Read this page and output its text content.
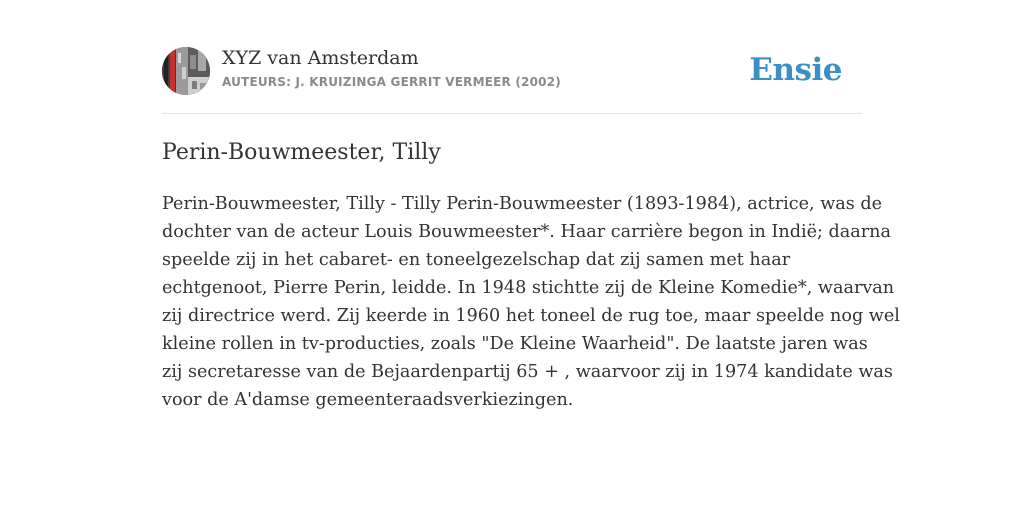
XYZ van Amsterdam
AUTEURS: J. KRUIZINGA GERRIT VERMEER (2002)	Ensie
Perin-Bouwmeester, Tilly

Perin-Bouwmeester, Tilly - Tilly Perin-Bouwmeester (1893-1984), actrice, was de
dochter van de acteur Louis Bouwmeester*. Haar carrière begon in Indië; daarna
speelde zij in het cabaret- en toneelgezelschap dat zij samen met haar
echtgenoot, Pierre Perin, leidde. In 1948 stichtte zij de Kleine Komedie*, waarvan
zij directrice werd. Zij keerde in 1960 het toneel de rug toe, maar speelde nog wel
kleine rollen in tv-producties, zoals "De Kleine Waarheid". De laatste jaren was
zij secretaresse van de Bejaardenpartij 65 + , waarvoor zij in 1974 kandidate was
voor de A'damse gemeenteraadsverkiezingen.
